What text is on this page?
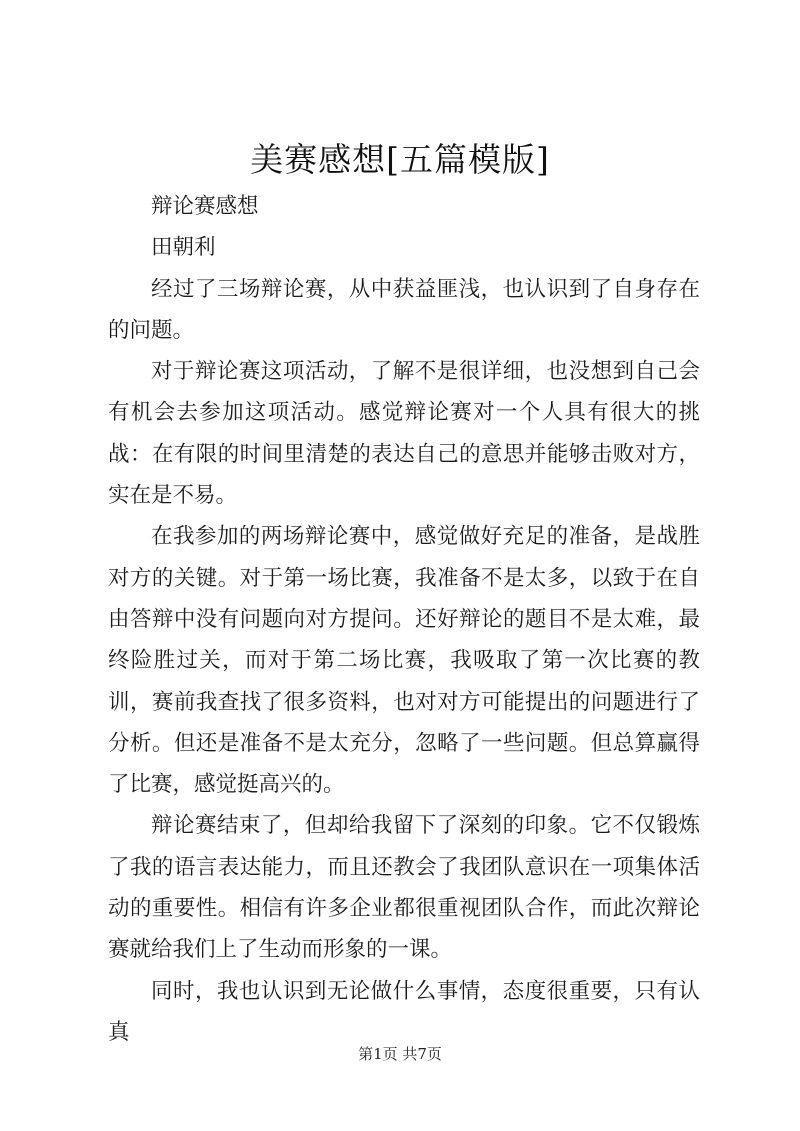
美赛感想[五篇模版]

辩论赛感想

田朝利

经过了三场辩论赛，从中获益匪浅，也认识到了自身存在的问题。

对于辩论赛这项活动，了解不是很详细，也没想到自己会有机会去参加这项活动。感觉辩论赛对一个人具有很大的挑战：在有限的时间里清楚的表达自己的意思并能够击败对方，实在是不易。

在我参加的两场辩论赛中，感觉做好充足的准备，是战胜对方的关键。对于第一场比赛，我准备不是太多，以致于在自由答辩中没有问题向对方提问。还好辩论的题目不是太难，最终险胜过关，而对于第二场比赛，我吸取了第一次比赛的教训，赛前我查找了很多资料，也对对方可能提出的问题进行了分析。但还是准备不是太充分，忽略了一些问题。但总算赢得了比赛，感觉挺高兴的。

辩论赛结束了，但却给我留下了深刻的印象。它不仅锻炼了我的语言表达能力，而且还教会了我团队意识在一项集体活动的重要性。相信有许多企业都很重视团队合作，而此次辩论赛就给我们上了生动而形象的一课。

同时，我也认识到无论做什么事情，态度很重要，只有认真

第1页 共7页
